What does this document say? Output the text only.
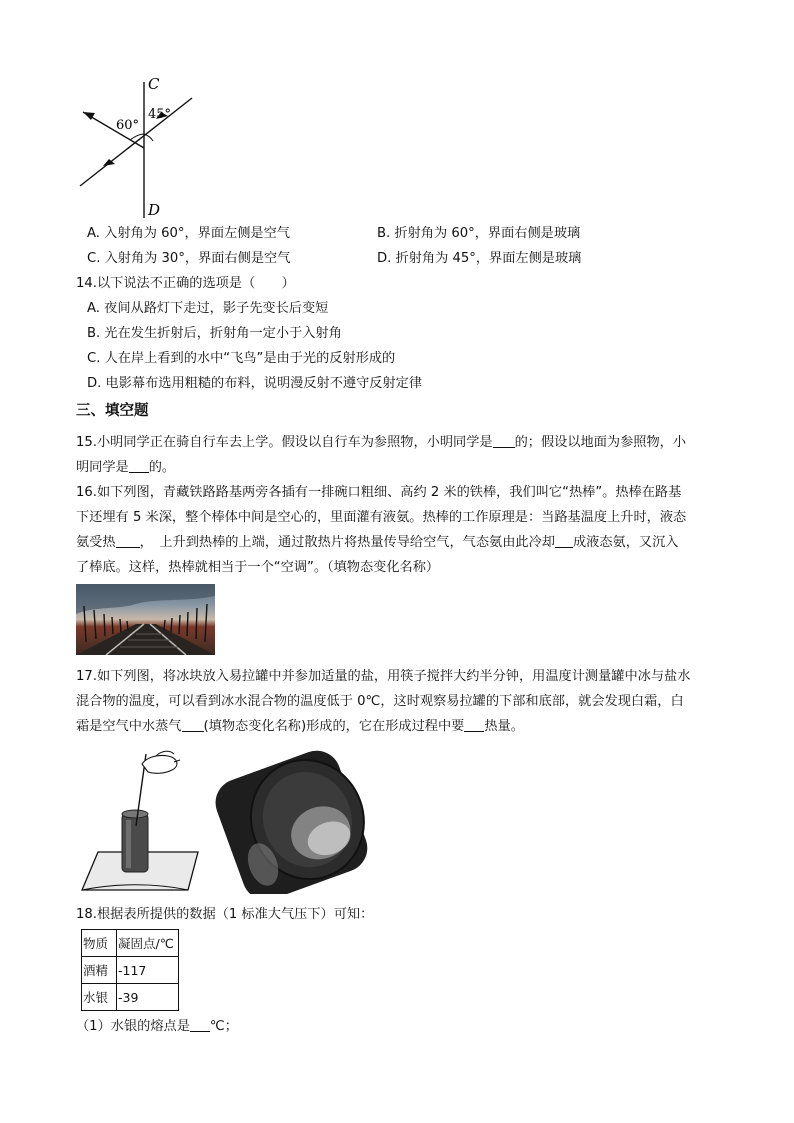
C
D
60°
45°
A. 入射角为 60°，界面左侧是空气	B. 折射角为 60°，界面右侧是玻璃
C. 入射角为 30°，界面右侧是空气	D. 折射角为 45°，界面左侧是玻璃
14.以下说法不正确的选项是（　　）
A. 夜间从路灯下走过，影子先变长后变短
B. 光在发生折射后，折射角一定小于入射角
C. 人在岸上看到的水中“飞鸟”是由于光的反射形成的
D. 电影幕布选用粗糙的布料，说明漫反射不遵守反射定律
三、填空题
15.小明同学正在骑自行车去上学。假设以自行车为参照物，小明同学是 的；假设以地面为参照物，小
明同学是 的。
16.如下列图，青藏铁路路基两旁各插有一排碗口粗细、高约 2 米的铁棒，我们叫它“热棒”。热棒在路基
下还埋有 5 米深，整个棒体中间是空心的，里面灌有液氨。热棒的工作原理是：当路基温度上升时，液态
氨受热 ，　上升到热棒的上端，通过散热片将热量传导给空气，气态氨由此冷却 成液态氨，又沉入
了棒底。这样，热棒就相当于一个“空调”。（填物态变化名称）
17.如下列图，将冰块放入易拉罐中并参加适量的盐，用筷子搅拌大约半分钟，用温度计测量罐中冰与盐水
混合物的温度，可以看到冰水混合物的温度低于 0℃，这时观察易拉罐的下部和底部，就会发现白霜，白
霜是空气中水蒸气 (填物态变化名称)形成的，它在形成过程中要 热量。
18.根据表所提供的数据（1 标准大气压下）可知：
物质	凝固点/℃
酒精	-117
水银	-39
（1）水银的熔点是 ℃；
